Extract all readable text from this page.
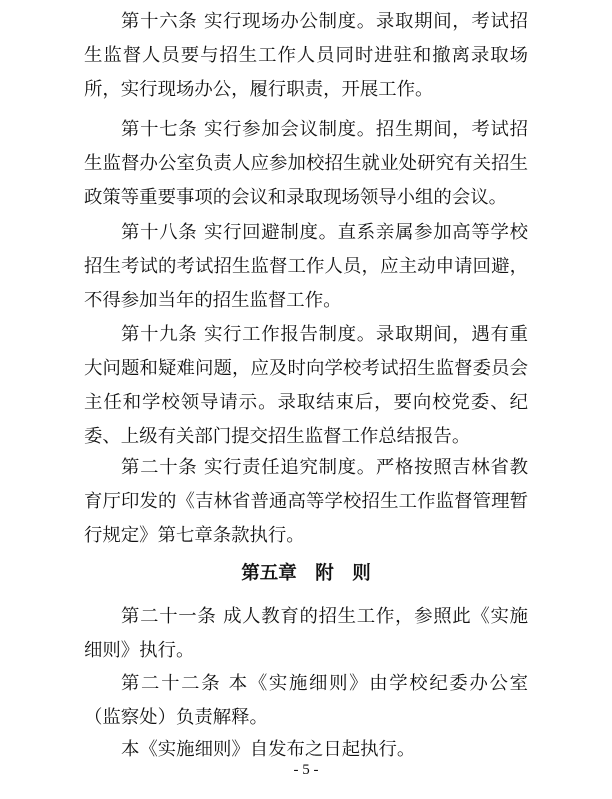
第十六条 实行现场办公制度。录取期间，考试招生监督人员要与招生工作人员同时进驻和撤离录取场所，实行现场办公，履行职责，开展工作。

第十七条 实行参加会议制度。招生期间，考试招生监督办公室负责人应参加校招生就业处研究有关招生政策等重要事项的会议和录取现场领导小组的会议。

第十八条 实行回避制度。直系亲属参加高等学校招生考试的考试招生监督工作人员，应主动申请回避，不得参加当年的招生监督工作。

第十九条 实行工作报告制度。录取期间，遇有重大问题和疑难问题，应及时向学校考试招生监督委员会主任和学校领导请示。录取结束后，要向校党委、纪委、上级有关部门提交招生监督工作总结报告。

第二十条 实行责任追究制度。严格按照吉林省教育厅印发的《吉林省普通高等学校招生工作监督管理暂行规定》第七章条款执行。

第五章　附　则

第二十一条 成人教育的招生工作，参照此《实施细则》执行。

第二十二条 本《实施细则》由学校纪委办公室（监察处）负责解释。

本《实施细则》自发布之日起执行。

- 5 -
